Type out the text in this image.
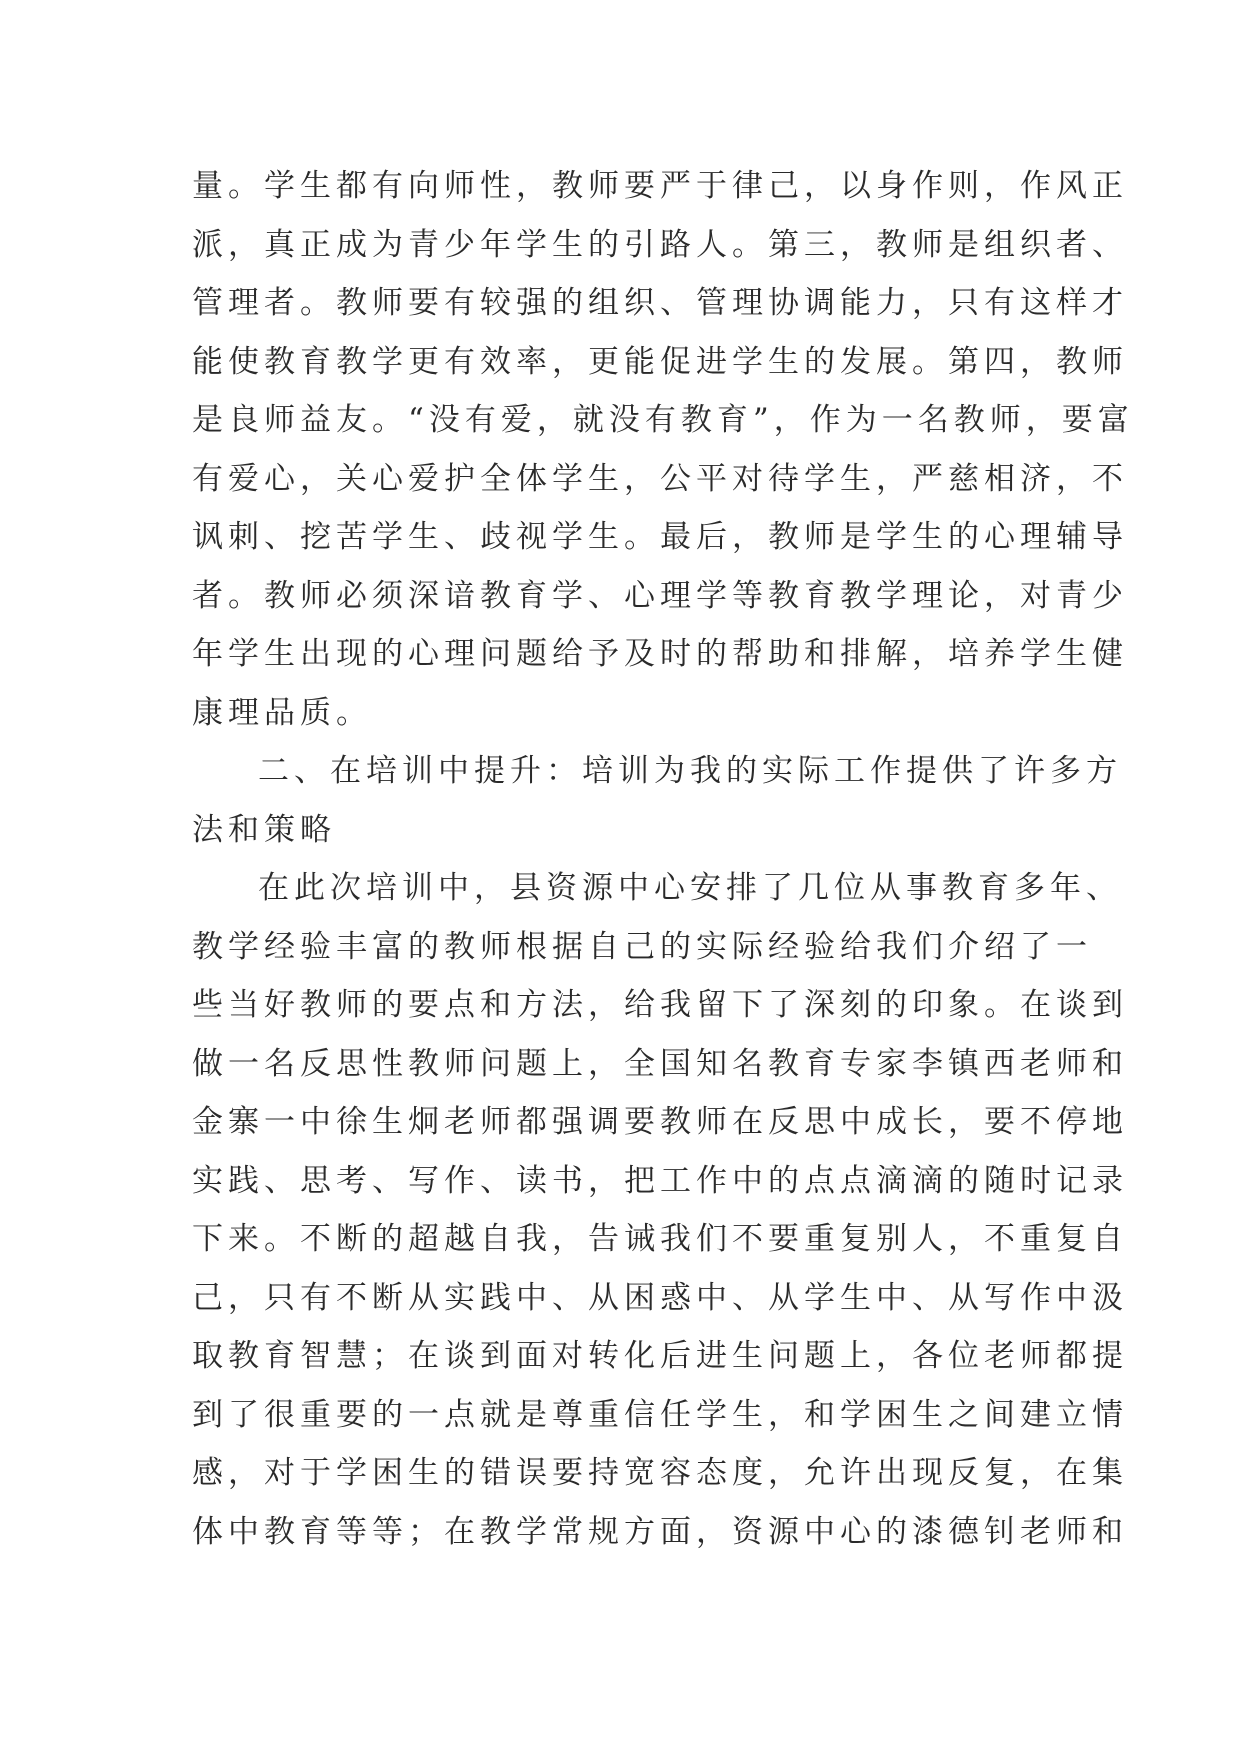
量。学生都有向师性，教师要严于律己，以身作则，作风正
派，真正成为青少年学生的引路人。第三，教师是组织者、
管理者。教师要有较强的组织、管理协调能力，只有这样才
能使教育教学更有效率，更能促进学生的发展。第四，教师
是良师益友。“没有爱，就没有教育”，作为一名教师，要富
有爱心，关心爱护全体学生，公平对待学生，严慈相济，不
讽刺、挖苦学生、歧视学生。最后，教师是学生的心理辅导
者。教师必须深谙教育学、心理学等教育教学理论，对青少
年学生出现的心理问题给予及时的帮助和排解，培养学生健
康理品质。
二、在培训中提升：培训为我的实际工作提供了许多方
法和策略
在此次培训中，县资源中心安排了几位从事教育多年、
教学经验丰富的教师根据自己的实际经验给我们介绍了一
些当好教师的要点和方法，给我留下了深刻的印象。在谈到
做一名反思性教师问题上，全国知名教育专家李镇西老师和
金寨一中徐生炯老师都强调要教师在反思中成长，要不停地
实践、思考、写作、读书，把工作中的点点滴滴的随时记录
下来。不断的超越自我，告诫我们不要重复别人，不重复自
己，只有不断从实践中、从困惑中、从学生中、从写作中汲
取教育智慧；在谈到面对转化后进生问题上，各位老师都提
到了很重要的一点就是尊重信任学生，和学困生之间建立情
感，对于学困生的错误要持宽容态度，允许出现反复，在集
体中教育等等；在教学常规方面，资源中心的漆德钊老师和
